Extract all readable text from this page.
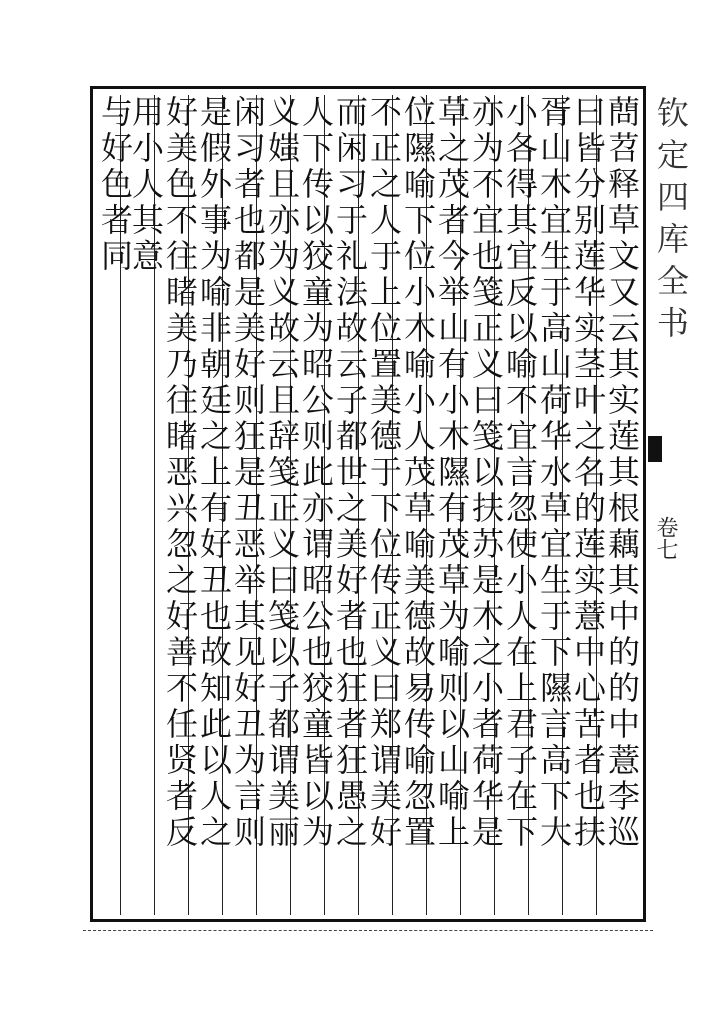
钦定四库全书
卷七
蔄苕释草文又云其实莲其根藕其中的的中薏李巡
曰皆分别莲华实茎叶之名的莲实薏中心苦者也扶
胥山木宜生于高山荷华水草宜生于下隰言高下大
小各得其宜反以喻不宜言忽使小人在上君子在下
亦为不宜也笺正义曰笺以扶苏是木之小者荷华是
草之茂者今举山有小木隰有茂草为喻则以山喻上
位隰喻下位小木喻小人茂草喻美德故易传喻忽置
不正之人于上位置美德于下位传正义曰郑谓美好
而闲习于礼法故云子都世之美好者也狂者狂愚之
人下传以狡童为昭公则此亦谓昭公也狡童皆以为
义媸且亦为义故云且辞笺正义曰笺以子都谓美丽
闲习者也都是美好则狂是丑恶举其见好丑为言则
是假外事为喻非朝廷之上有好丑也故知此以人之
好美色不往睹美乃往睹恶兴忽之好善不任贤者反
用小人其意
与好色者同
